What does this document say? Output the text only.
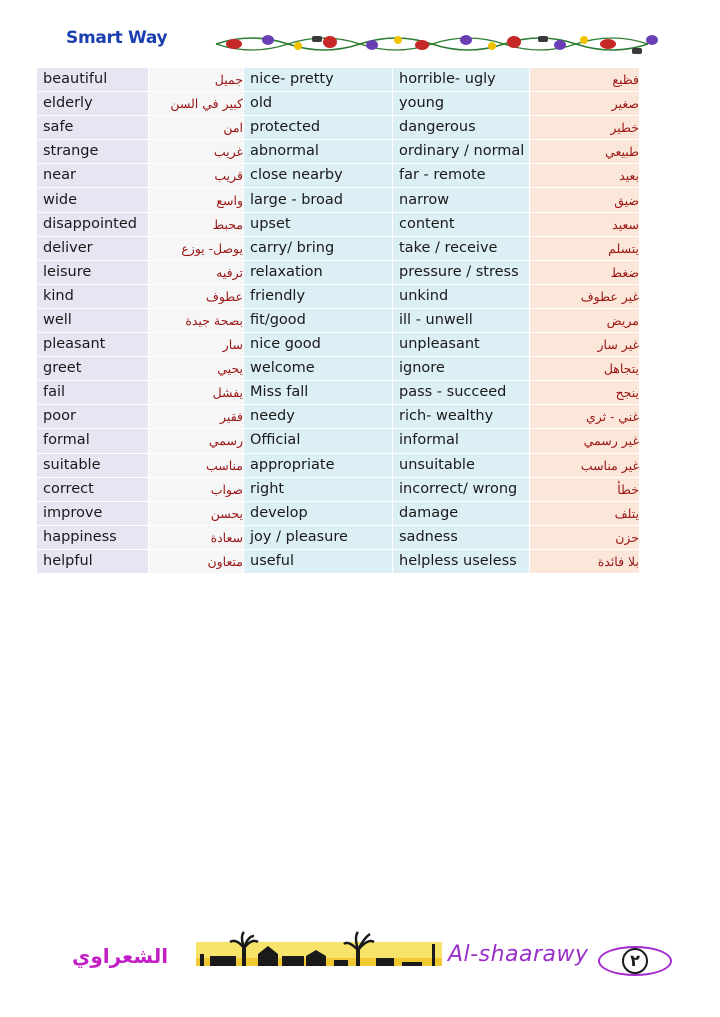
Smart Way
beautiful	جميل	nice- pretty	horrible- ugly	فظيع
elderly	كبير في السن	old	young	صغير
safe	امن	protected	dangerous	خطير
strange	غريب	abnormal	ordinary / normal	طبيعي
near	قريب	close nearby	far - remote	بعيد
wide	واسع	large - broad	narrow	ضيق
disappointed	محبط	upset	content	سعيد
deliver	يوصل- يوزع	carry/ bring	take / receive	يتسلم
leisure	ترفيه	relaxation	pressure / stress	ضغط
kind	عطوف	friendly	unkind	غير عطوف
well	بصحة جيدة	fit/good	ill - unwell	مريض
pleasant	سار	nice good	unpleasant	غير سار
greet	يحيي	welcome	ignore	يتجاهل
fail	يفشل	Miss fall	pass - succeed	ينجح
poor	فقير	needy	rich- wealthy	غني - ثري
formal	رسمي	Official	informal	غير رسمي
suitable	مناسب	appropriate	unsuitable	غير مناسب
correct	صواب	right	incorrect/ wrong	خطأ
improve	يحسن	develop	damage	يتلف
happiness	سعادة	joy / pleasure	sadness	حزن
helpful	متعاون	useful	helpless useless	بلا فائدة
الشعراوي	Al-shaarawy	٢
